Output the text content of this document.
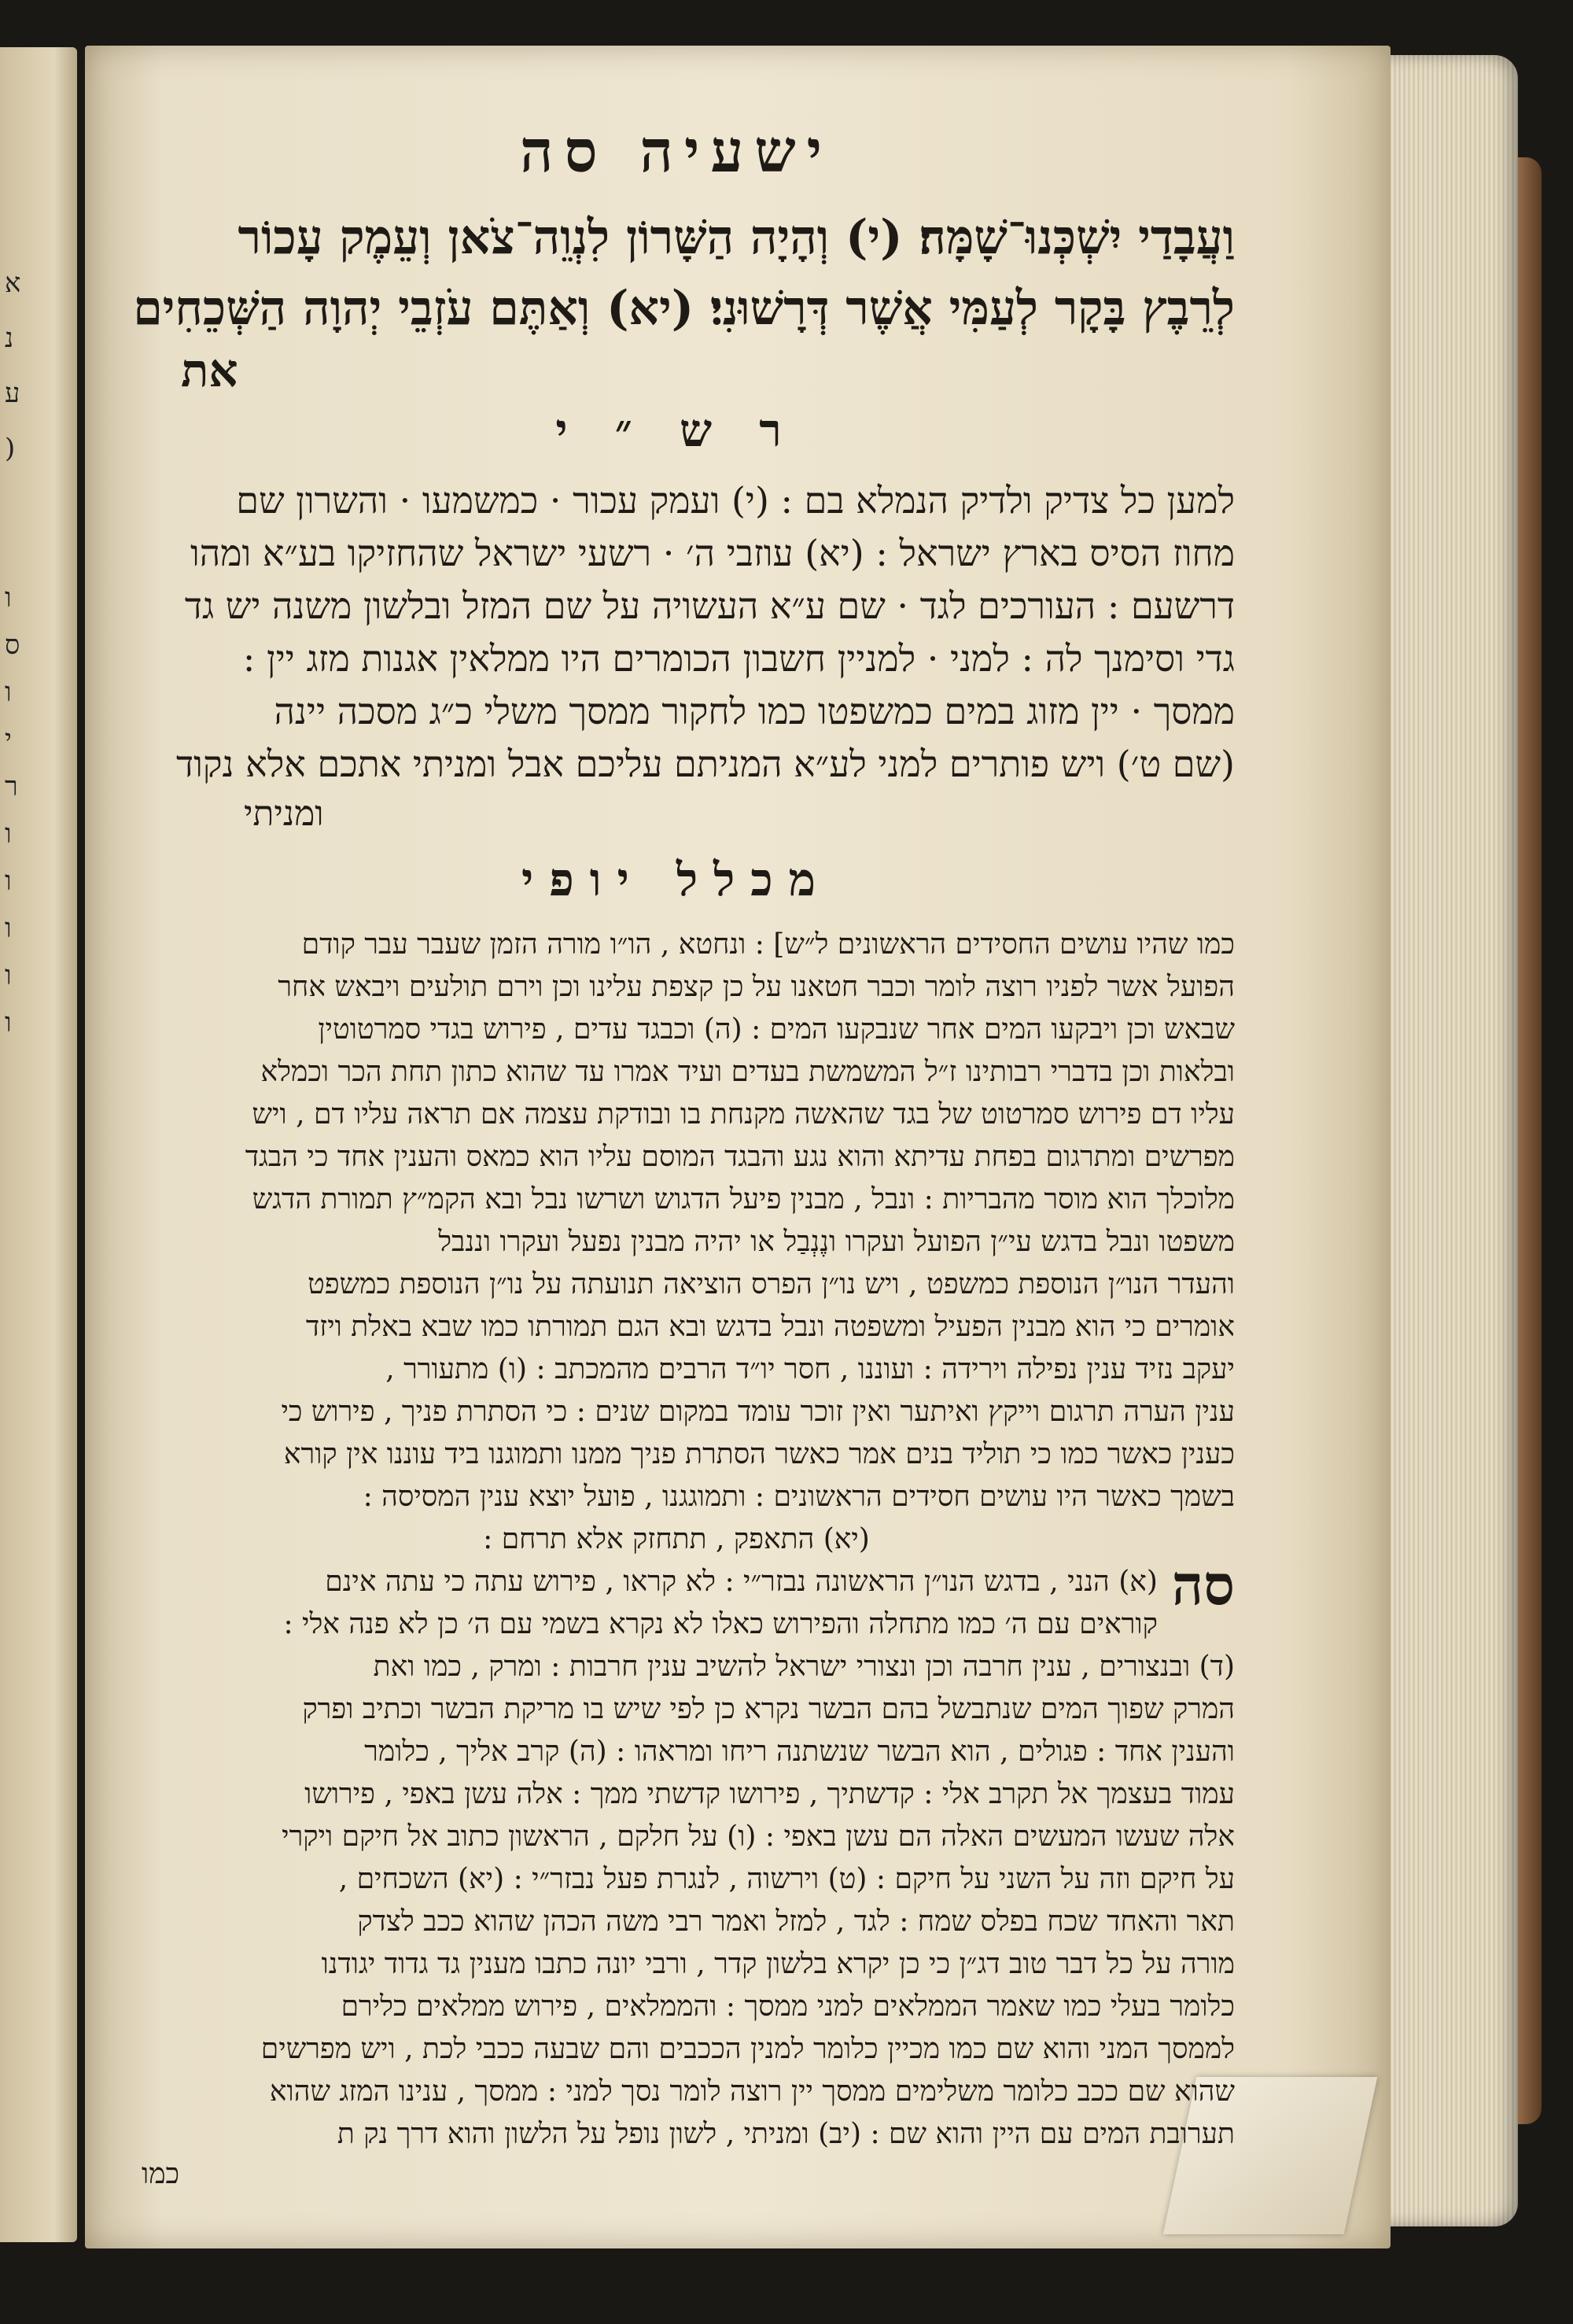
א
נ
ע
(
ו
ס
ו
י
ר
ו
ו
ו
ו
ו
ישעיה סה

וַעֲבָדַי יִשְׁכְּנוּ־שָׁמָּה׃ (י) וְהָיָה הַשָּׁרוֹן לִנְוֵה־צֹאן וְעֵמֶק עָכוֹר

לְרֵבֶץ בָּקָר לְעַמִּי אֲשֶׁר דְּרָשׁוּנִי׃ (יא) וְאַתֶּם עֹזְבֵי יְהוָה הַשְּׁכֵחִים

את

ר ש ״ י

למען כל צדיק ולדיק הנמלא בם : (י) ועמק עכור · כמשמעו · והשרון שם

מחוז הסיס בארץ ישראל : (יא) עוזבי ה׳ · רשעי ישראל שהחזיקו בע״א ומהו

דרשעם : העורכים לגד · שם ע״א העשויה על שם המזל ובלשון משנה יש גד

גדי וסימנך לה : למני · למניין חשבון הכומרים היו ממלאין אגנות מזג יין :

ממסך · יין מזוג במים כמשפטו כמו לחקור ממסך משלי כ״ג מסכה יינה

(שם ט׳) ויש פותרים למני לע״א המניתם עליכם אבל ומניתי אתכם אלא נקוד

ומניתי

מכלל יופי

כמו שהיו עושים החסידים הראשונים ל״ש] : ונחטא , הו״ו מורה הזמן שעבר עבר קודם

הפועל אשר לפניו רוצה לומר וכבר חטאנו על כן קצפת עלינו וכן וירם תולעים ויבאש אחר

שבאש וכן ויבקעו המים אחר שנבקעו המים : (ה) וכבגד עדים , פירוש בגדי סמרטוטין

ובלאות וכן בדברי רבותינו ז״ל המשמשת בעדים ועיד אמרו עד שהוא כתון תחת הכר וכמלא

עליו דם פירוש סמרטוט של בגד שהאשה מקנחת בו ובודקת עצמה אם תראה עליו דם , ויש

מפרשים ומתרגום בפחת עדיתא והוא נגע והבגד המוסם עליו הוא כמאס והענין אחד כי הבגד

מלוכלך הוא מוסר מהבריות : ונבל , מבנין פיעל הדגוש ושרשו נבל ובא הקמ״ץ תמורת הדגש

משפטו ונבל בדגש עי״ן הפועל ועקרו ונֶנְבַל או יהיה מבנין נפעל ועקרו וננבל

והעדר הנו״ן הנוספת כמשפט , ויש נו״ן הפרס הוציאה תנועתה על נו״ן הנוספת כמשפט

אומרים כי הוא מבנין הפעיל ומשפטה ונבל בדגש ובא הגם תמורתו כמו שבא באלת ויזד

יעקב נזיד ענין נפילה וירידה : ועוננו , חסר יו״ד הרבים מהמכתב : (ו) מתעורר ,

ענין הערה תרגום וייקץ ואיתער ואין זוכר עומד במקום שנים : כי הסתרת פניך , פירוש כי

כענין כאשר כמו כי תוליד בנים אמר כאשר הסתרת פניך ממנו ותמוגנו ביד עוננו אין קורא

בשמך כאשר היו עושים חסידים הראשונים : ותמוגגנו , פועל יוצא ענין המסיסה :

(יא) התאפק , תתחזק אלא תרחם :

סה

(א) הנני , בדגש הנו״ן הראשונה נבזר״י : לא קראו , פירוש עתה כי עתה אינם

קוראים עם ה׳ כמו מתחלה והפירוש כאלו לא נקרא בשמי עם ה׳ כן לא פנה אלי :

(ד) ובנצורים , ענין חרבה וכן ונצורי ישראל להשיב ענין חרבות : ומרק , כמו ואת

המרק שפוך המים שנתבשל בהם הבשר נקרא כן לפי שיש בו מריקת הבשר וכתיב ופרק

והענין אחד : פגולים , הוא הבשר שנשתנה ריחו ומראהו : (ה) קרב אליך , כלומר

עמוד בעצמך אל תקרב אלי : קדשתיך , פירושו קדשתי ממך : אלה עשן באפי , פירושו

אלה שעשו המעשים האלה הם עשן באפי : (ו) על חלקם , הראשון כתוב אל חיקם ויקרי

על חיקם וזה על השני על חיקם : (ט) וירשוה , לנגרת פעל נבזר״י : (יא) השכחים ,

תאר והאחד שכח בפלס שמח : לגד , למזל ואמר רבי משה הכהן שהוא ככב לצדק

מורה על כל דבר טוב דג״ן כי כן יקרא בלשון קדר , ורבי יונה כתבו מענין גד גדוד יגודנו

כלומר בעלי כמו שאמר הממלאים למני ממסך : והממלאים , פירוש ממלאים כלירם

לממסך המני והוא שם כמו מכיין כלומר למנין הככבים והם שבעה ככבי לכת , ויש מפרשים

שהוא שם ככב כלומר משלימים ממסך יין רוצה לומר נסך למני : ממסך , ענינו המזג שהוא

תערובת המים עם היין והוא שם : (יב) ומניתי , לשון נופל על הלשון והוא דרך נק ת

כמו
